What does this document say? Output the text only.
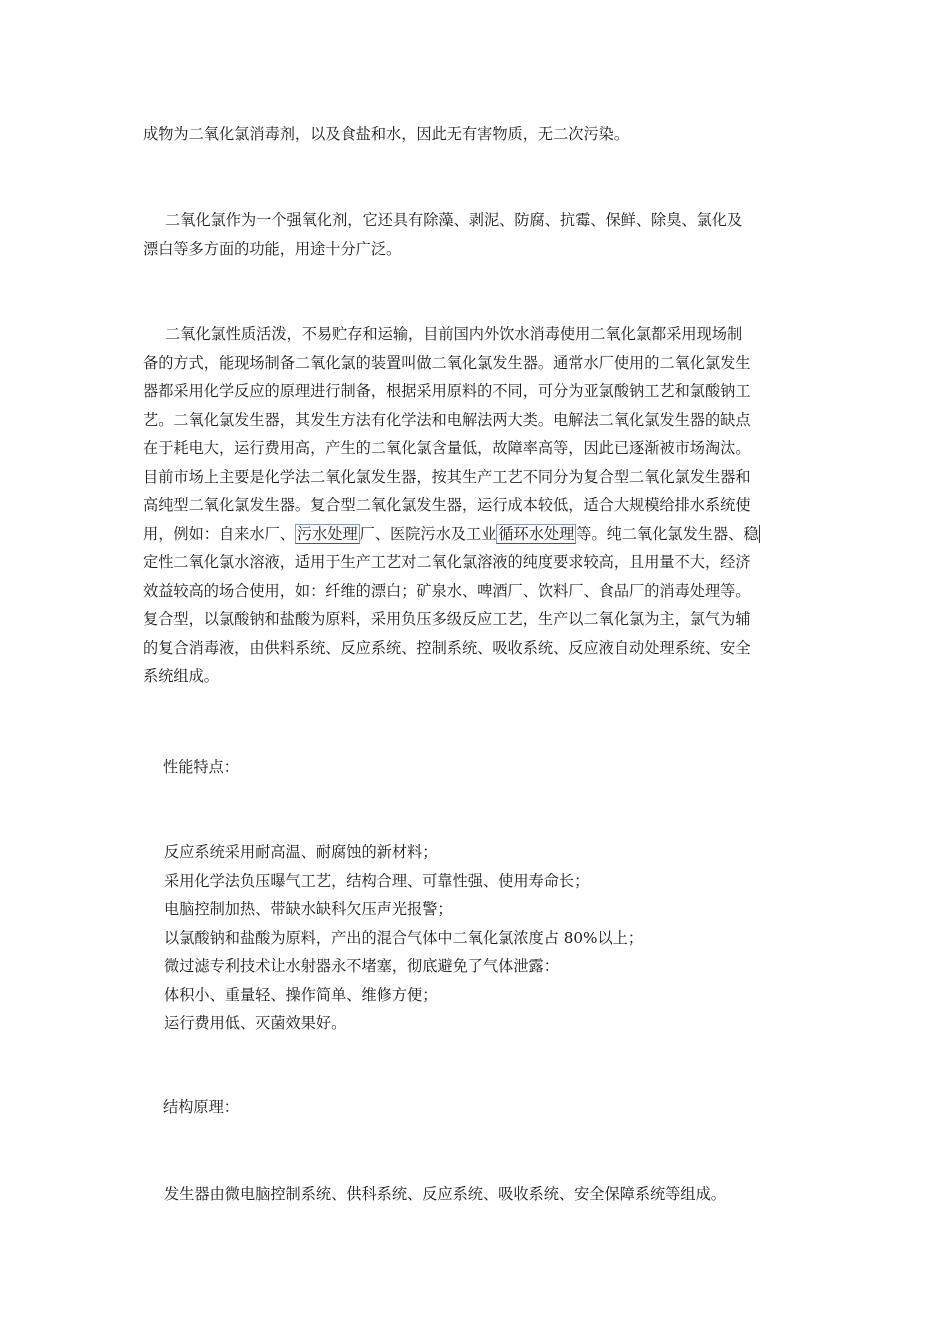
成物为二氧化氯消毒剂，以及食盐和水，因此无有害物质，无二次污染。
二氧化氯作为一个强氧化剂，它还具有除藻、剥泥、防腐、抗霉、保鲜、除臭、氯化及
漂白等多方面的功能，用途十分广泛。
二氧化氯性质活泼，不易贮存和运输，目前国内外饮水消毒使用二氧化氯都采用现场制
备的方式，能现场制备二氧化氯的装置叫做二氧化氯发生器。通常水厂使用的二氧化氯发生
器都采用化学反应的原理进行制备，根据采用原料的不同，可分为亚氯酸钠工艺和氯酸钠工
艺。二氧化氯发生器，其发生方法有化学法和电解法两大类。电解法二氧化氯发生器的缺点
在于耗电大，运行费用高，产生的二氧化氯含量低，故障率高等，因此已逐渐被市场淘汰。
目前市场上主要是化学法二氧化氯发生器，按其生产工艺不同分为复合型二氧化氯发生器和
高纯型二氧化氯发生器。复合型二氧化氯发生器，运行成本较低，适合大规模给排水系统使
用，例如：自来水厂、 污水处理 厂、医院污水及工业 循环水处理 等。纯二氧化氯发生器、稳
定性二氧化氯水溶液，适用于生产工艺对二氧化氯溶液的纯度要求较高，且用量不大，经济
效益较高的场合使用，如：纤维的漂白；矿泉水、啤酒厂、饮料厂、食品厂的消毒处理等。
复合型，以氯酸钠和盐酸为原料，采用负压多级反应工艺，生产以二氧化氯为主，氯气为辅
的复合消毒液，由供料系统、反应系统、控制系统、吸收系统、反应液自动处理系统、安全
系统组成。
性能特点：
反应系统采用耐高温、耐腐蚀的新材料；
采用化学法负压曝气工艺，结构合理、可靠性强、使用寿命长；
电脑控制加热、带缺水缺科欠压声光报警；
以氯酸钠和盐酸为原料，产出的混合气体中二氧化氯浓度占 80%以上；
微过滤专利技术让水射器永不堵塞，彻底避免了气体泄露：
体积小、重量轻、操作简单、维修方便；
运行费用低、灭菌效果好。
结构原理：
发生器由微电脑控制系统、供科系统、反应系统、吸收系统、安全保障系统等组成。
